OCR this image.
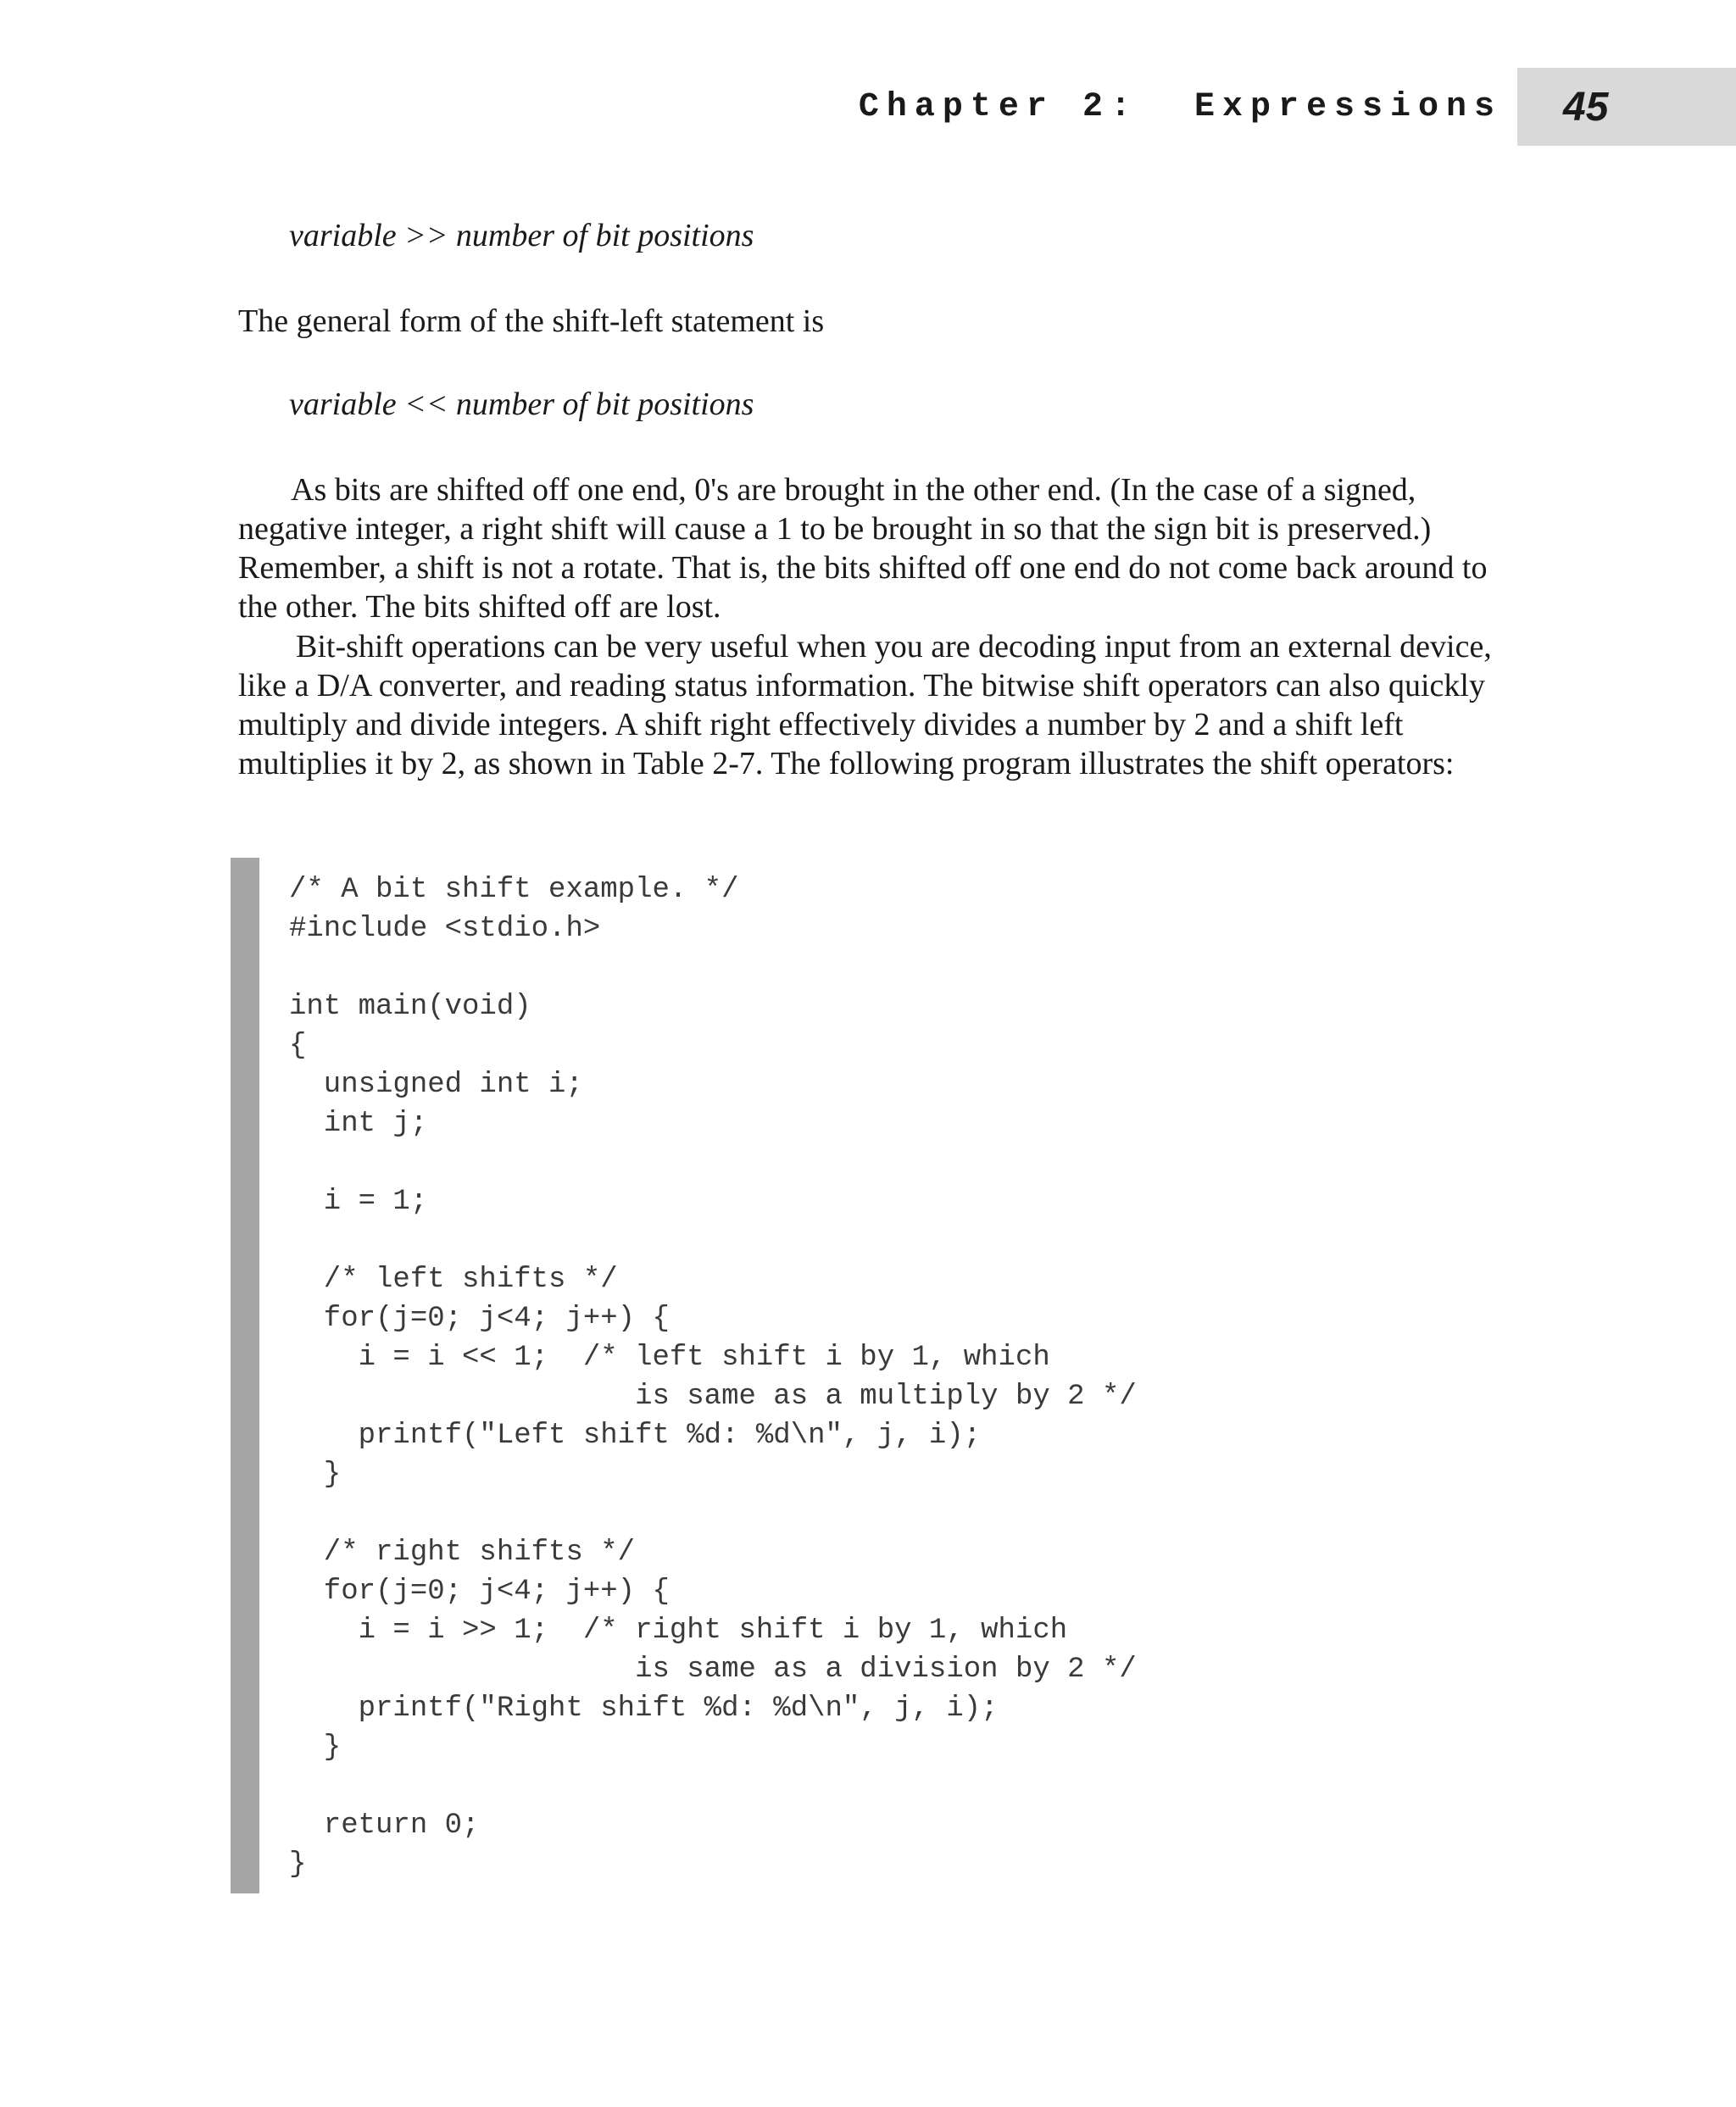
Chapter 2:  Expressions 45
variable >> number of bit positions
The general form of the shift-left statement is
variable << number of bit positions

As bits are shifted off one end, 0's are brought in the other end. (In the case of a signed, negative integer, a right shift will cause a 1 to be brought in so that the sign bit is preserved.) Remember, a shift is not a rotate. That is, the bits shifted off one end do not come back around to the other. The bits shifted off are lost.

Bit-shift operations can be very useful when you are decoding input from an external device, like a D/A converter, and reading status information. The bitwise shift operators can also quickly multiply and divide integers. A shift right effectively divides a number by 2 and a shift left multiplies it by 2, as shown in Table 2-7. The following program illustrates the shift operators:

/* A bit shift example. */
#include <stdio.h>

int main(void)
{
unsigned int i;
int j;

i = 1;

/* left shifts */
for(j=0; j<4; j++) {
i = i << 1;  /* left shift i by 1, which
is same as a multiply by 2 */
printf("Left shift %d: %d\n", j, i);
}

/* right shifts */
for(j=0; j<4; j++) {
i = i >> 1;  /* right shift i by 1, which
is same as a division by 2 */
printf("Right shift %d: %d\n", j, i);
}

return 0;
}
